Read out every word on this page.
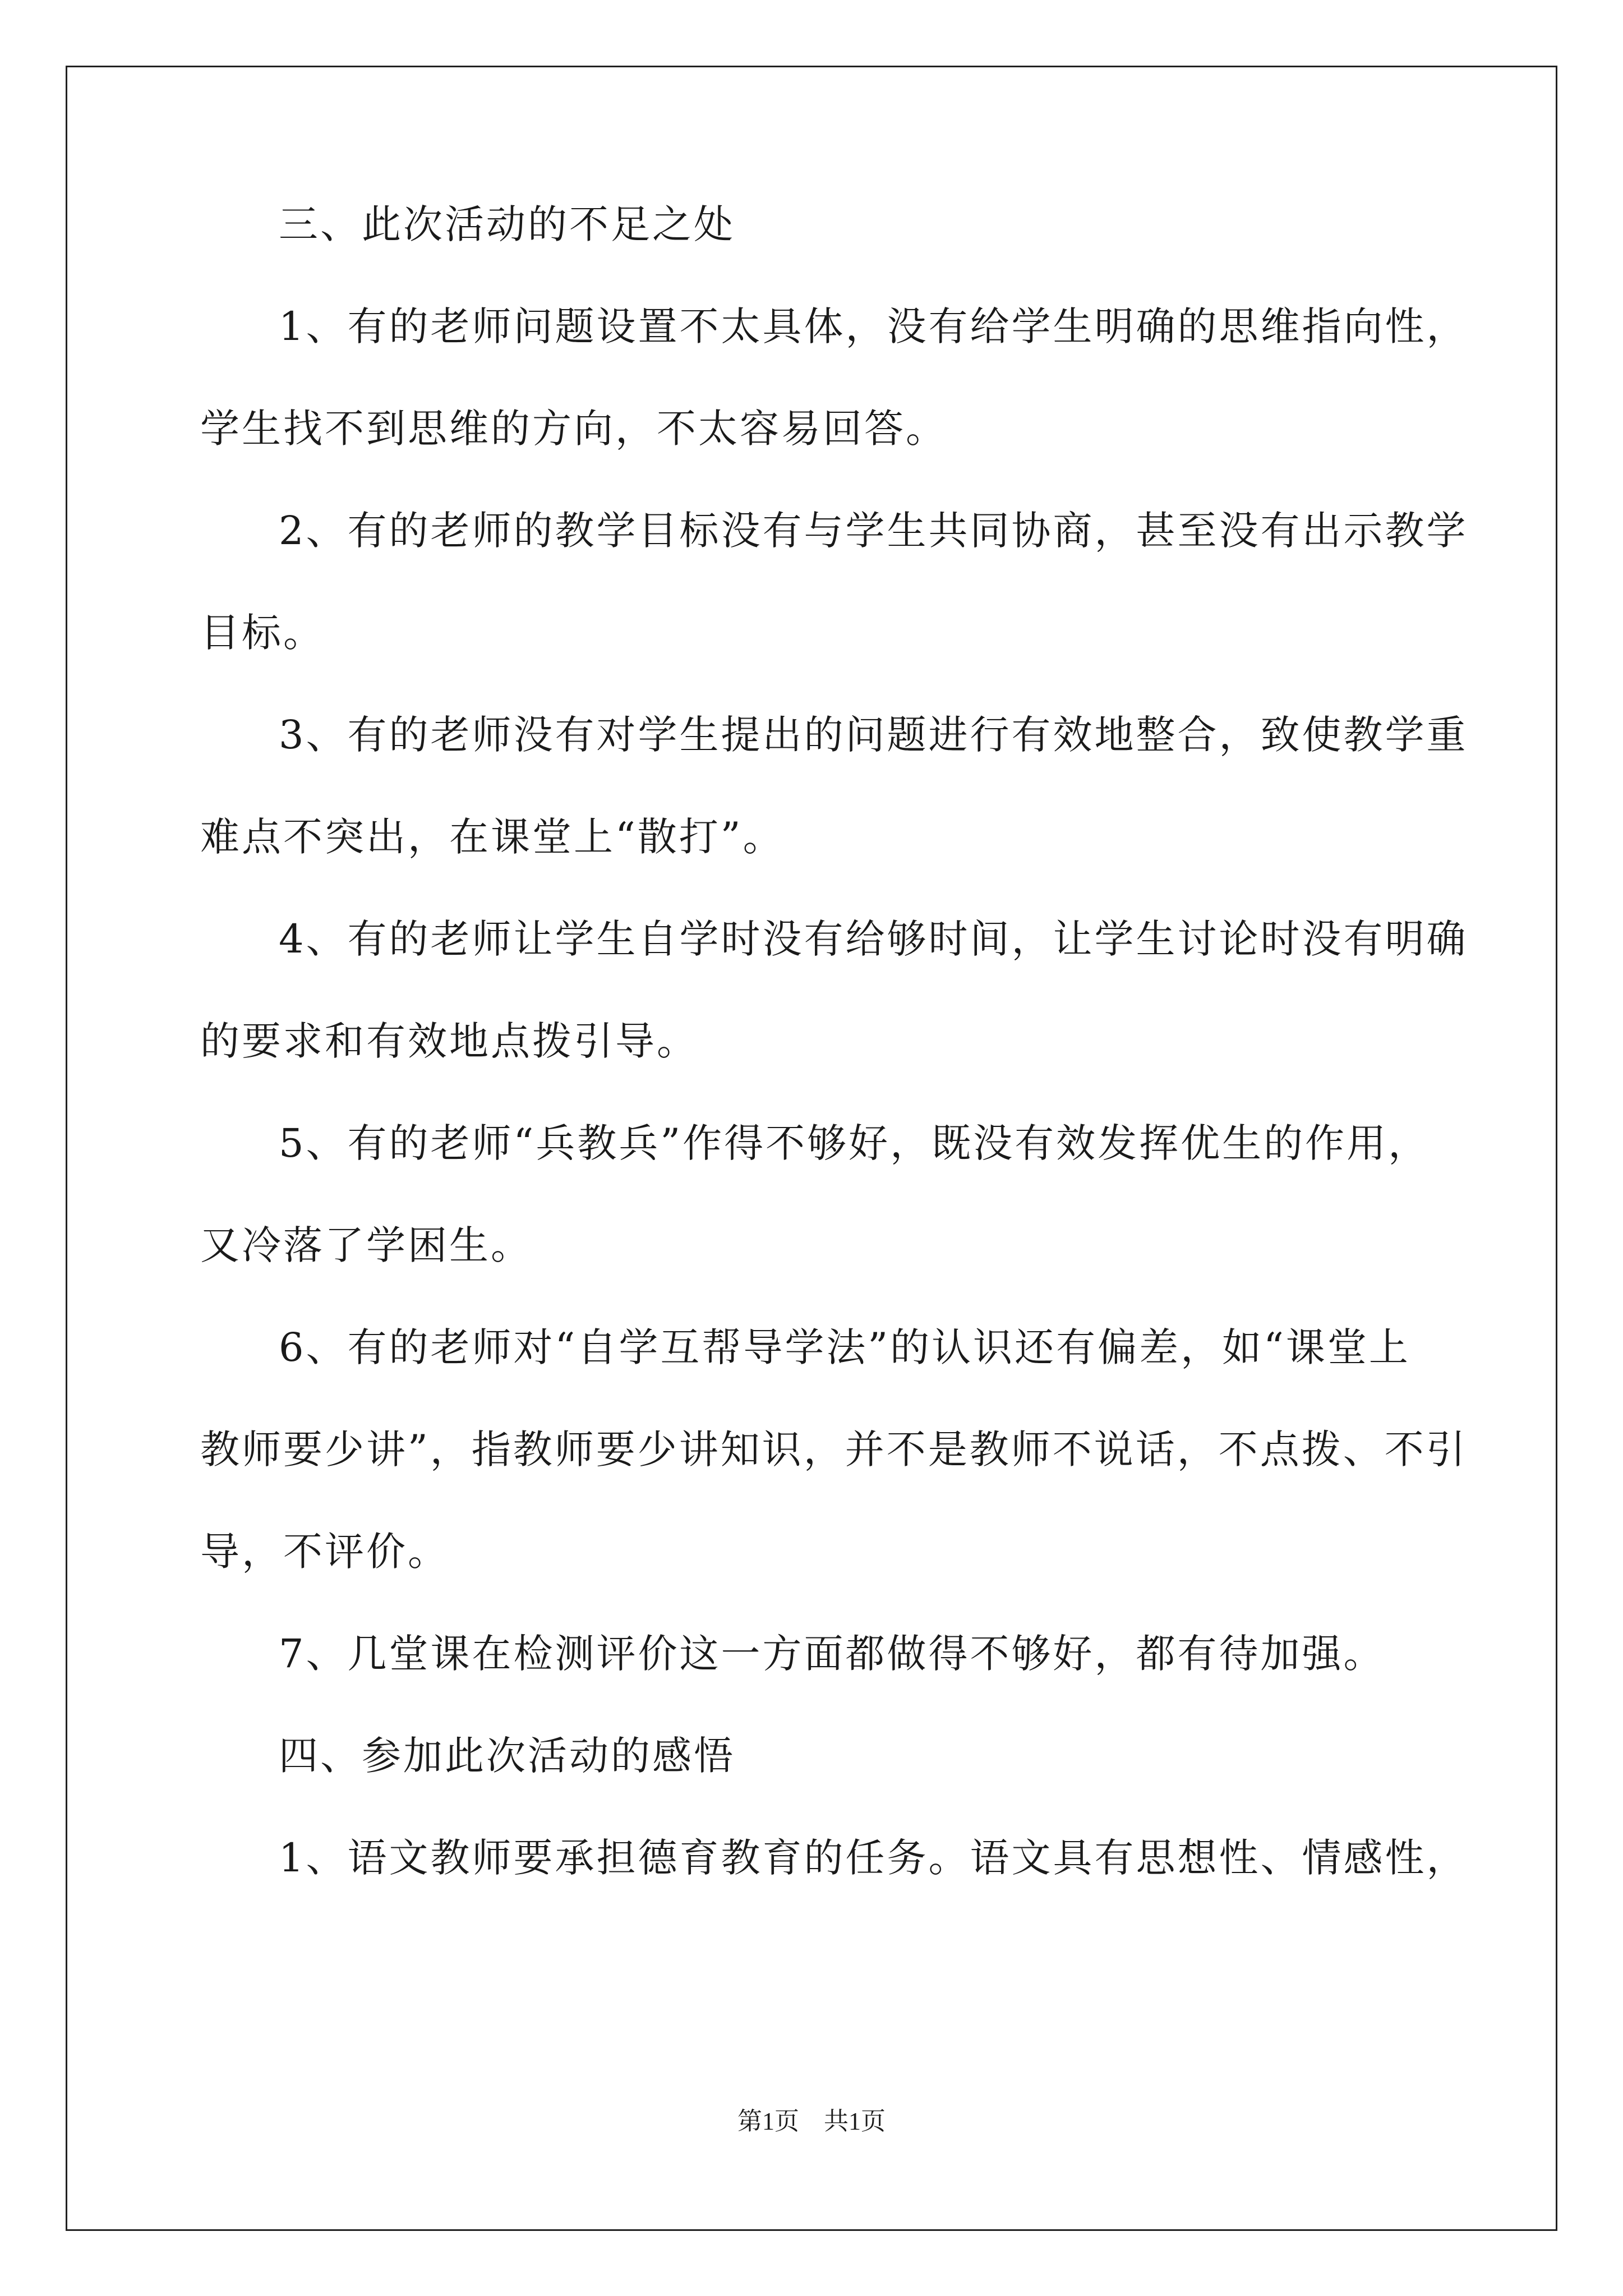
三、此次活动的不足之处
1、有的老师问题设置不太具体，没有给学生明确的思维指向性，
学生找不到思维的方向，不太容易回答。
2、有的老师的教学目标没有与学生共同协商，甚至没有出示教学
目标。
3、有的老师没有对学生提出的问题进行有效地整合，致使教学重
难点不突出，在课堂上“散打”。
4、有的老师让学生自学时没有给够时间，让学生讨论时没有明确
的要求和有效地点拨引导。
5、有的老师“兵教兵”作得不够好，既没有效发挥优生的作用，
又冷落了学困生。
6、有的老师对“自学互帮导学法”的认识还有偏差，如“课堂上
教师要少讲”，指教师要少讲知识，并不是教师不说话，不点拨、不引
导，不评价。
7、几堂课在检测评价这一方面都做得不够好，都有待加强。
四、参加此次活动的感悟
1、语文教师要承担德育教育的任务。语文具有思想性、情感性，
第1页　共1页
